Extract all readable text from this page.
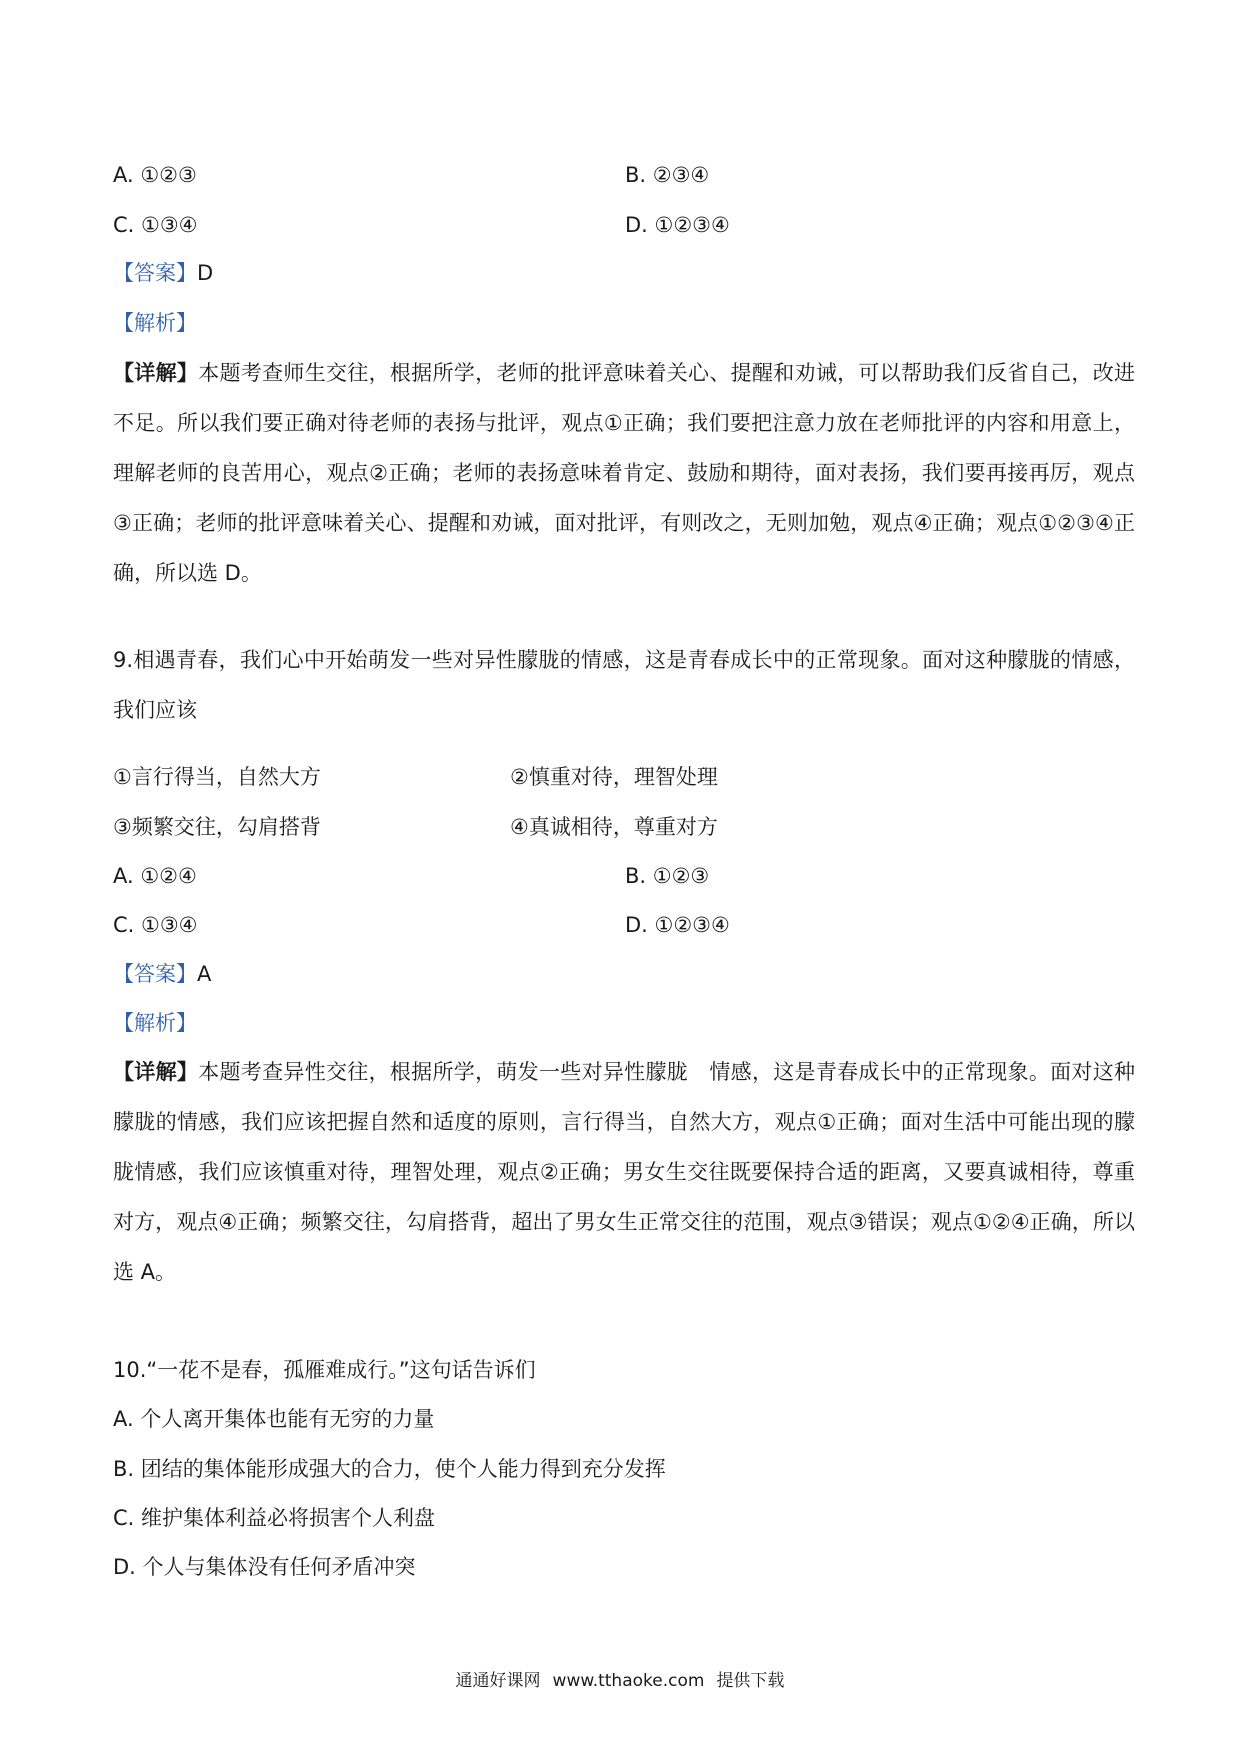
A. ①②③	B. ②③④
C. ①③④	D. ①②③④
【答案】D
【解析】
【详解】本题考查师生交往，根据所学，老师的批评意味着关心、提醒和劝诫，可以帮助我们反省自己，改进不足。所以我们要正确对待老师的表扬与批评，观点①正确；我们要把注意力放在老师批评的内容和用意上，理解老师的良苦用心，观点②正确；老师的表扬意味着肯定、鼓励和期待，面对表扬，我们要再接再厉，观点③正确；老师的批评意味着关心、提醒和劝诫，面对批评，有则改之，无则加勉，观点④正确；观点①②③④正确，所以选 D。
9.相遇青春，我们心中开始萌发一些对异性朦胧的情感，这是青春成长中的正常现象。面对这种朦胧的情感，我们应该
①言行得当，自然大方	②慎重对待，理智处理
③频繁交往，勾肩搭背	④真诚相待，尊重对方
A. ①②④	B. ①②③
C. ①③④	D. ①②③④
【答案】A
【解析】
【详解】本题考查异性交往，根据所学，萌发一些对异性朦胧　情感，这是青春成长中的正常现象。面对这种朦胧的情感，我们应该把握自然和适度的原则，言行得当，自然大方，观点①正确；面对生活中可能出现的朦胧情感，我们应该慎重对待，理智处理，观点②正确；男女生交往既要保持合适的距离，又要真诚相待，尊重对方，观点④正确；频繁交往，勾肩搭背，超出了男女生正常交往的范围，观点③错误；观点①②④正确，所以选 A。
10.“一花不是春，孤雁难成行。”这句话告诉们
A. 个人离开集体也能有无穷的力量
B. 团结的集体能形成强大的合力，使个人能力得到充分发挥
C. 维护集体利益必将损害个人利盘
D. 个人与集体没有任何矛盾冲突
通通好课网 www.tthaoke.com 提供下载
